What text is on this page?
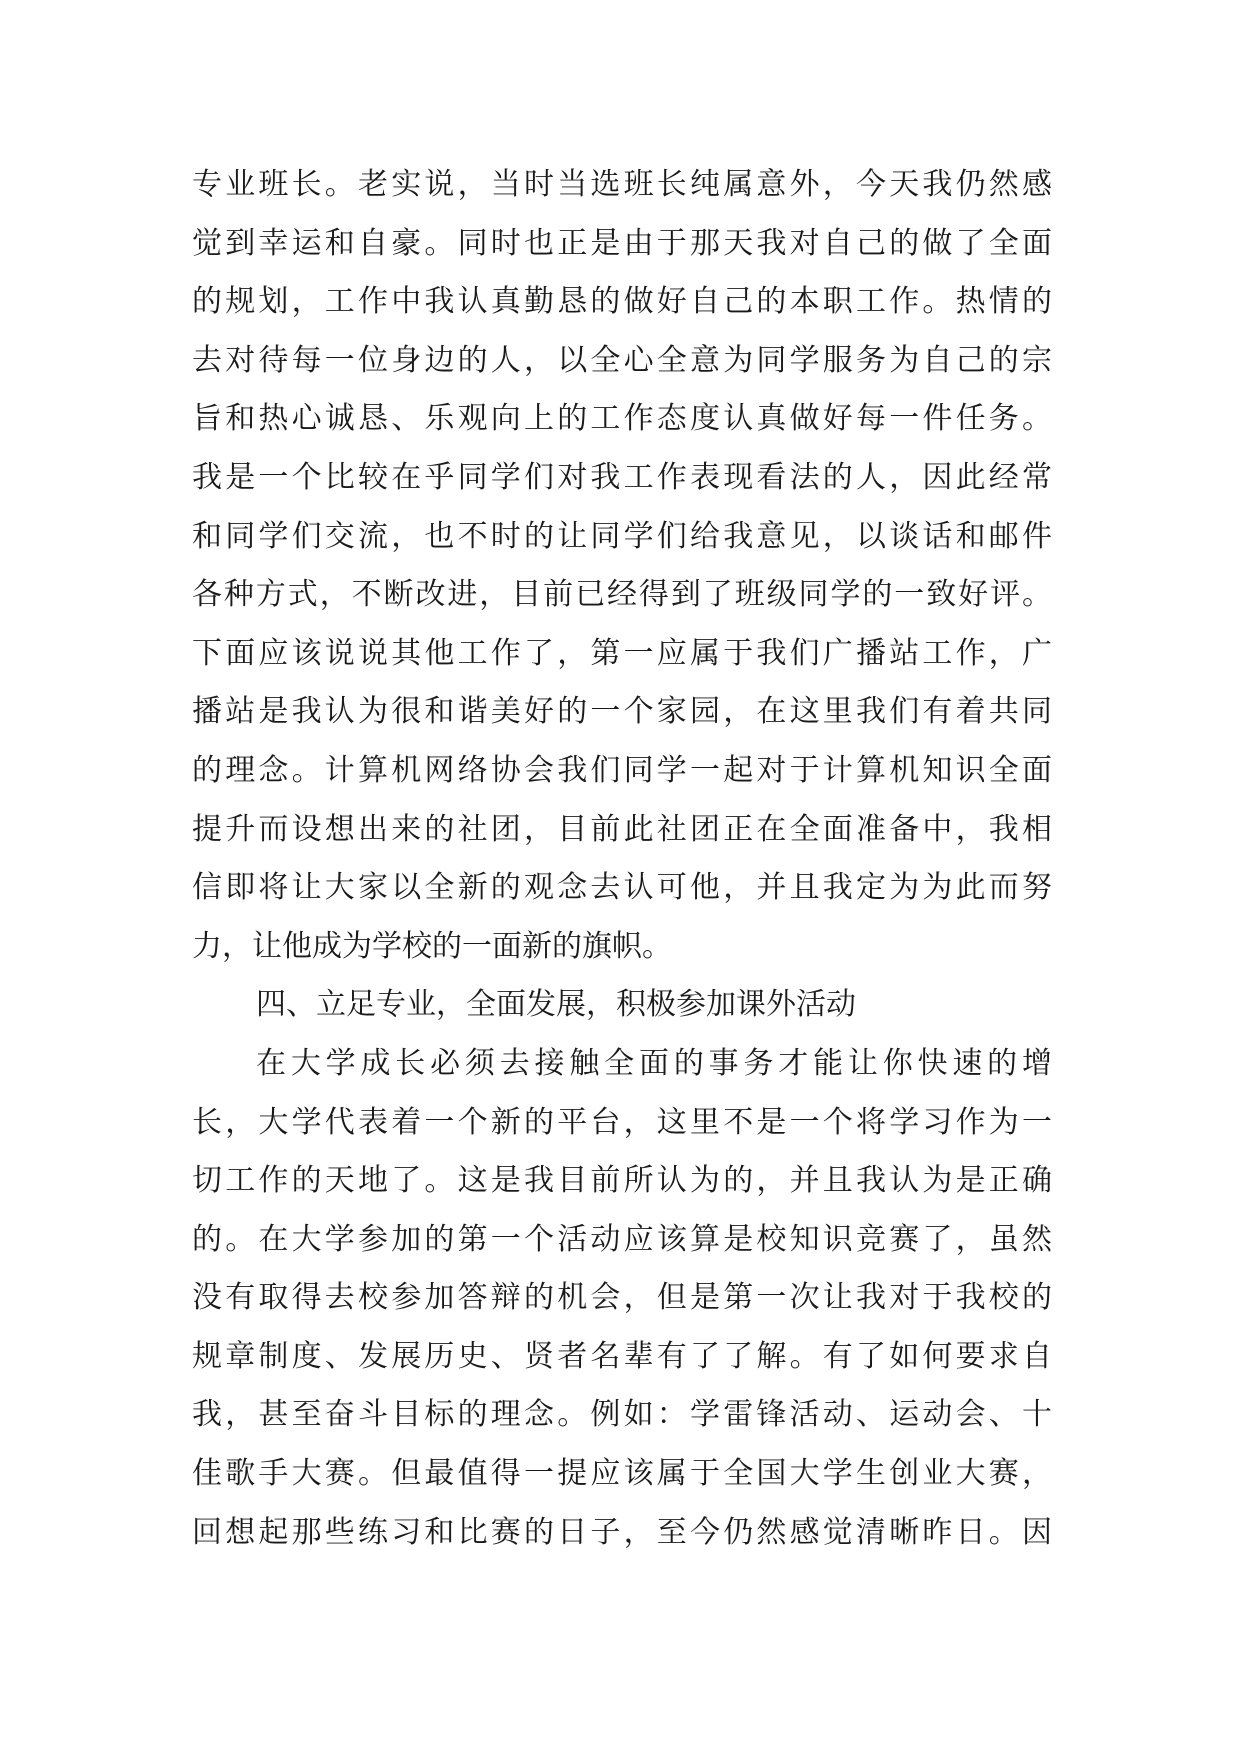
专业班长。老实说，当时当选班长纯属意外，今天我仍然感
觉到幸运和自豪。同时也正是由于那天我对自己的做了全面
的规划，工作中我认真勤恳的做好自己的本职工作。热情的
去对待每一位身边的人，以全心全意为同学服务为自己的宗
旨和热心诚恳、乐观向上的工作态度认真做好每一件任务。
我是一个比较在乎同学们对我工作表现看法的人，因此经常
和同学们交流，也不时的让同学们给我意见，以谈话和邮件
各种方式，不断改进，目前已经得到了班级同学的一致好评。
下面应该说说其他工作了，第一应属于我们广播站工作，广
播站是我认为很和谐美好的一个家园，在这里我们有着共同
的理念。计算机网络协会我们同学一起对于计算机知识全面
提升而设想出来的社团，目前此社团正在全面准备中，我相
信即将让大家以全新的观念去认可他，并且我定为为此而努
力，让他成为学校的一面新的旗帜。
四、立足专业，全面发展，积极参加课外活动
在大学成长必须去接触全面的事务才能让你快速的增
长，大学代表着一个新的平台，这里不是一个将学习作为一
切工作的天地了。这是我目前所认为的，并且我认为是正确
的。在大学参加的第一个活动应该算是校知识竞赛了，虽然
没有取得去校参加答辩的机会，但是第一次让我对于我校的
规章制度、发展历史、贤者名辈有了了解。有了如何要求自
我，甚至奋斗目标的理念。例如：学雷锋活动、运动会、十
佳歌手大赛。但最值得一提应该属于全国大学生创业大赛，
回想起那些练习和比赛的日子，至今仍然感觉清晰昨日。因
